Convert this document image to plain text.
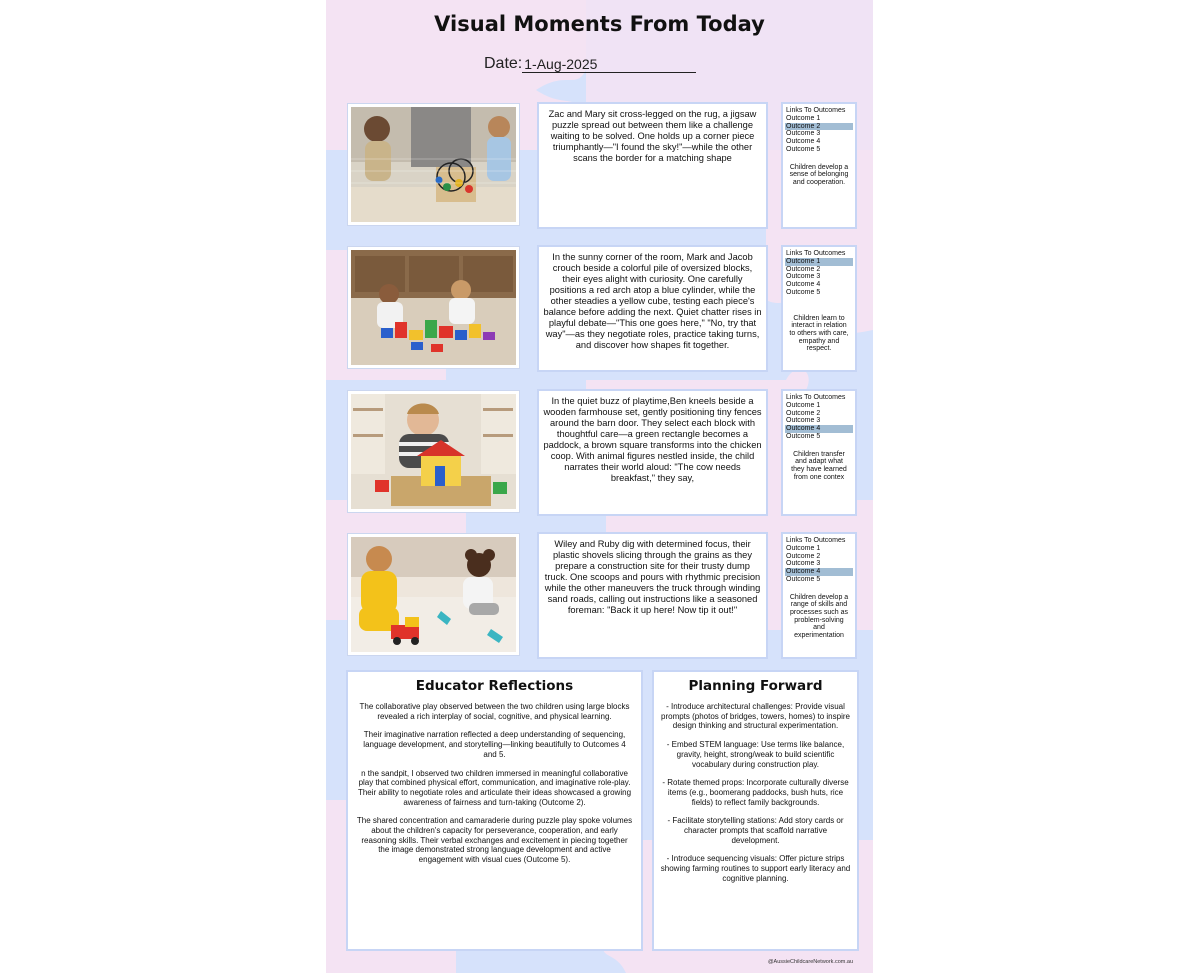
Visual Moments From Today
Date: 1-Aug-2025
Zac and Mary sit cross-legged on the rug, a jigsaw puzzle spread out between them like a challenge waiting to be solved. One holds up a corner piece triumphantly—"I found the sky!"—while the other scans the border for a matching shape
Links To Outcomes
Outcome 1
Outcome 2
Outcome 3
Outcome 4
Outcome 5
Children develop a sense of belonging and cooperation.
In the sunny corner of the room, Mark and Jacob crouch beside a colorful pile of oversized blocks, their eyes alight with curiosity. One carefully positions a red arch atop a blue cylinder, while the other steadies a yellow cube, testing each piece's balance before adding the next. Quiet chatter rises in playful debate—"This one goes here," "No, try that way"—as they negotiate roles, practice taking turns, and discover how shapes fit together.
Links To Outcomes
Outcome 1
Outcome 2
Outcome 3
Outcome 4
Outcome 5
Children learn to interact in relation to others with care, empathy and respect.
In the quiet buzz of playtime,Ben kneels beside a wooden farmhouse set, gently positioning tiny fences around the barn door. They select each block with thoughtful care—a green rectangle becomes a paddock, a brown square transforms into the chicken coop. With animal figures nestled inside, the child narrates their world aloud: "The cow needs breakfast," they say,
Links To Outcomes
Outcome 1
Outcome 2
Outcome 3
Outcome 4
Outcome 5
Children transfer and adapt what they have learned from one contex
Wiley and Ruby dig with determined focus, their plastic shovels slicing through the grains as they prepare a construction site for their trusty dump truck. One scoops and pours with rhythmic precision while the other maneuvers the truck through winding sand roads, calling out instructions like a seasoned foreman: "Back it up here! Now tip it out!"
Links To Outcomes
Outcome 1
Outcome 2
Outcome 3
Outcome 4
Outcome 5
Children develop a range of skills and processes such as problem-solving and experimentation
Educator Reflections

The collaborative play observed between the two children using large blocks revealed a rich interplay of social, cognitive, and physical learning.

Their imaginative narration reflected a deep understanding of sequencing, language development, and storytelling—linking beautifully to Outcomes 4 and 5.

n the sandpit, I observed two children immersed in meaningful collaborative play that combined physical effort, communication, and imaginative role-play. Their ability to negotiate roles and articulate their ideas showcased a growing awareness of fairness and turn-taking (Outcome 2).

The shared concentration and camaraderie during puzzle play spoke volumes about the children's capacity for perseverance, cooperation, and early reasoning skills. Their verbal exchanges and excitement in piecing together the image demonstrated strong language development and active engagement with visual cues (Outcome 5).

Planning Forward

- Introduce architectural challenges: Provide visual prompts (photos of bridges, towers, homes) to inspire design thinking and structural experimentation.

- Embed STEM language: Use terms like balance, gravity, height, strong/weak to build scientific vocabulary during construction play.

- Rotate themed props: Incorporate culturally diverse items (e.g., boomerang paddocks, bush huts, rice fields) to reflect family backgrounds.

- Facilitate storytelling stations: Add story cards or character prompts that scaffold narrative development.

- Introduce sequencing visuals: Offer picture strips showing farming routines to support early literacy and cognitive planning.

@AussieChildcareNetwork.com.au
